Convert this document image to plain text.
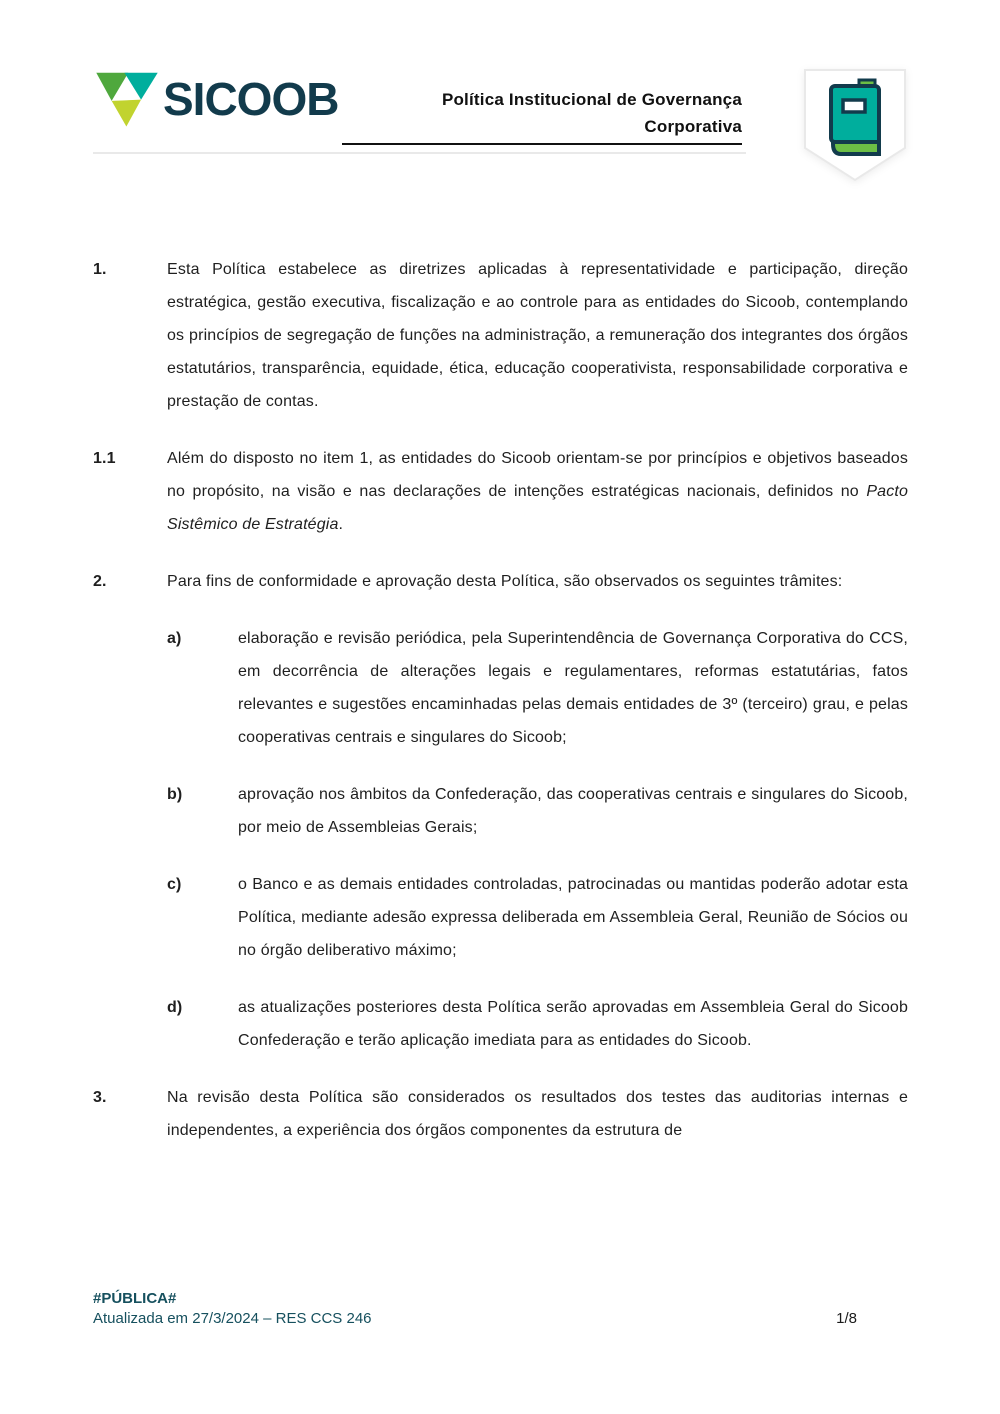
SICOOB	Política Institucional de Governança
Corporativa
1.	Esta Política estabelece as diretrizes aplicadas à representatividade e participação, direção estratégica, gestão executiva, fiscalização e ao controle para as entidades do Sicoob, contemplando os princípios de segregação de funções na administração, a remuneração dos integrantes dos órgãos estatutários, transparência, equidade, ética, educação cooperativista, responsabilidade corporativa e prestação de contas.
1.1	Além do disposto no item 1, as entidades do Sicoob orientam-se por princípios e objetivos baseados no propósito, na visão e nas declarações de intenções estratégicas nacionais, definidos no Pacto Sistêmico de Estratégia.
2.	Para fins de conformidade e aprovação desta Política, são observados os seguintes trâmites:
a)	elaboração e revisão periódica, pela Superintendência de Governança Corporativa do CCS, em decorrência de alterações legais e regulamentares, reformas estatutárias, fatos relevantes e sugestões encaminhadas pelas demais entidades de 3º (terceiro) grau, e pelas cooperativas centrais e singulares do Sicoob;
b)	aprovação nos âmbitos da Confederação, das cooperativas centrais e singulares do Sicoob, por meio de Assembleias Gerais;
c)	o Banco e as demais entidades controladas, patrocinadas ou mantidas poderão adotar esta Política, mediante adesão expressa deliberada em Assembleia Geral, Reunião de Sócios ou no órgão deliberativo máximo;
d)	as atualizações posteriores desta Política serão aprovadas em Assembleia Geral do Sicoob Confederação e terão aplicação imediata para as entidades do Sicoob.
3.	Na revisão desta Política são considerados os resultados dos testes das auditorias internas e independentes, a experiência dos órgãos componentes da estrutura de
#PÚBLICA#
Atualizada em 27/3/2024 – RES CCS 246	1/8
